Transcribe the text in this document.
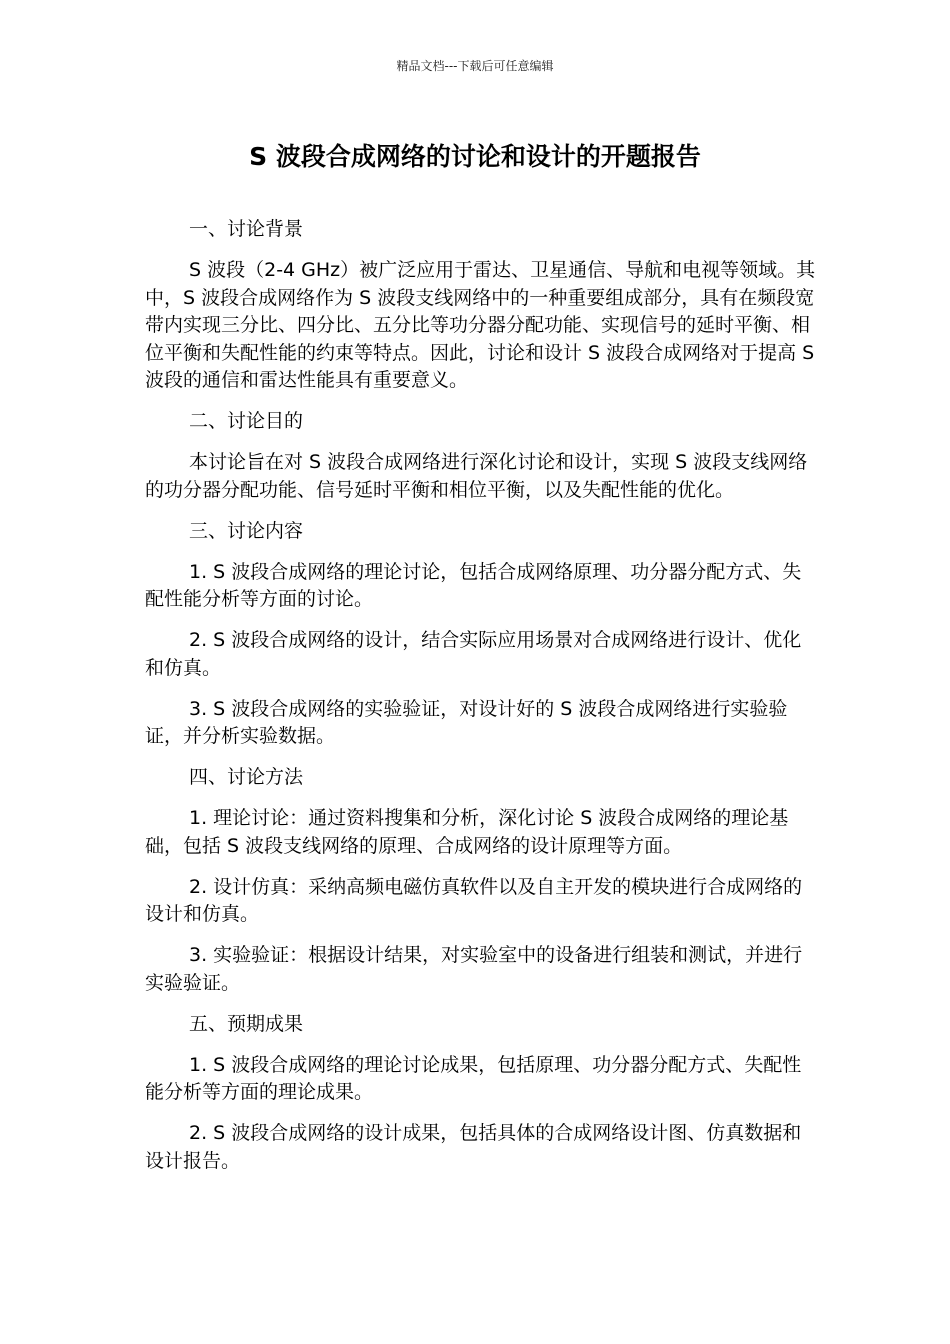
精品文档---下载后可任意编辑
S 波段合成网络的讨论和设计的开题报告

一、讨论背景

S 波段（2-4 GHz）被广泛应用于雷达、卫星通信、导航和电视等领域。其中，S 波段合成网络作为 S 波段支线网络中的一种重要组成部分，具有在频段宽带内实现三分比、四分比、五分比等功分器分配功能、实现信号的延时平衡、相位平衡和失配性能的约束等特点。因此，讨论和设计 S 波段合成网络对于提高 S 波段的通信和雷达性能具有重要意义。

二、讨论目的

本讨论旨在对 S 波段合成网络进行深化讨论和设计，实现 S 波段支线网络的功分器分配功能、信号延时平衡和相位平衡，以及失配性能的优化。

三、讨论内容

1. S 波段合成网络的理论讨论，包括合成网络原理、功分器分配方式、失配性能分析等方面的讨论。

2. S 波段合成网络的设计，结合实际应用场景对合成网络进行设计、优化和仿真。

3. S 波段合成网络的实验验证，对设计好的 S 波段合成网络进行实验验证，并分析实验数据。

四、讨论方法

1. 理论讨论：通过资料搜集和分析，深化讨论 S 波段合成网络的理论基础，包括 S 波段支线网络的原理、合成网络的设计原理等方面。

2. 设计仿真：采纳高频电磁仿真软件以及自主开发的模块进行合成网络的设计和仿真。

3. 实验验证：根据设计结果，对实验室中的设备进行组装和测试，并进行实验验证。

五、预期成果

1. S 波段合成网络的理论讨论成果，包括原理、功分器分配方式、失配性能分析等方面的理论成果。

2. S 波段合成网络的设计成果，包括具体的合成网络设计图、仿真数据和设计报告。
